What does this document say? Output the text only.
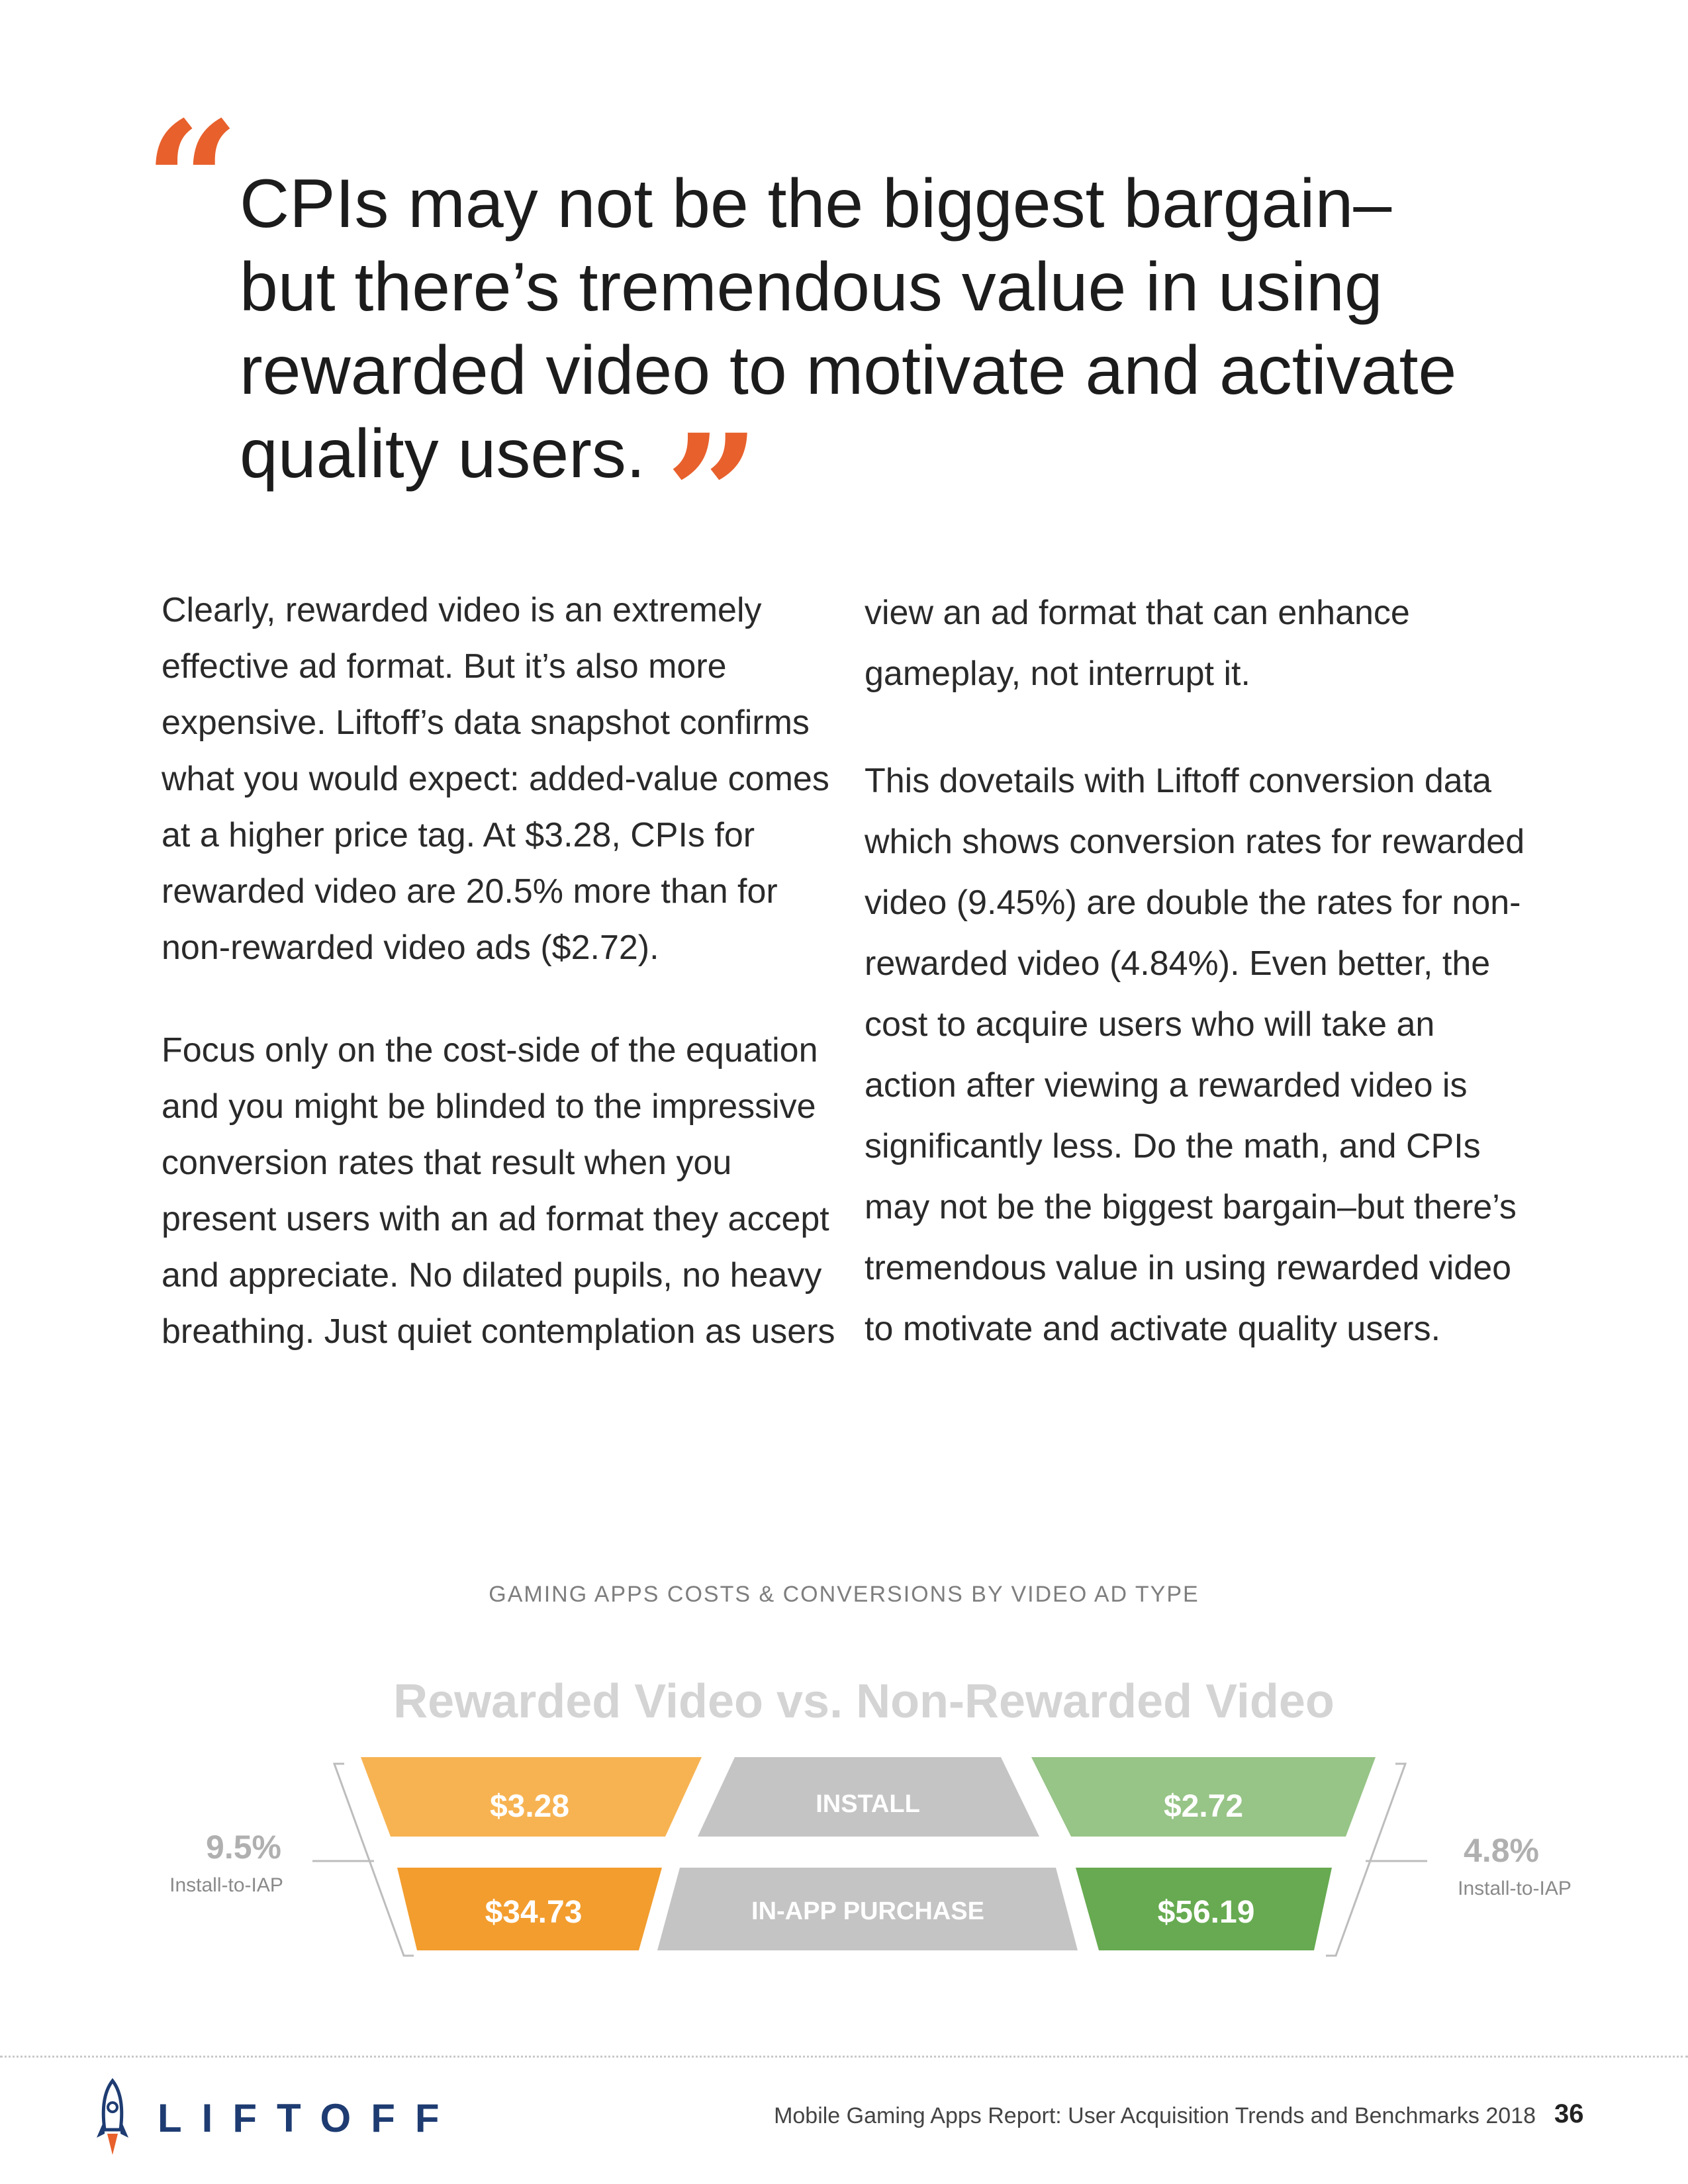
“ CPIs may not be the biggest bargain–
but there’s tremendous value in using
rewarded video to motivate and activate
quality users. ”

Clearly, rewarded video is an extremely effective ad format. But it’s also more expensive. Liftoff’s data snapshot confirms what you would expect: added-value comes at a higher price tag. At $3.28, CPIs for rewarded video are 20.5% more than for non-rewarded video ads ($2.72).

Focus only on the cost-side of the equation and you might be blinded to the impressive conversion rates that result when you present users with an ad format they accept and appreciate. No dilated pupils, no heavy breathing. Just quiet contemplation as users

view an ad format that can enhance gameplay, not interrupt it.

This dovetails with Liftoff conversion data which shows conversion rates for rewarded video (9.45%) are double the rates for non-rewarded video (4.84%). Even better, the cost to acquire users who will take an action after viewing a rewarded video is significantly less. Do the math, and CPIs may not be the biggest bargain–but there’s tremendous value in using rewarded video to motivate and activate quality users.

GAMING APPS COSTS & CONVERSIONS BY VIDEO AD TYPE
Rewarded Video vs. Non-Rewarded Video
$3.28	INSTALL	$2.72
$34.73	IN-APP PURCHASE	$56.19
9.5%
Install-to-IAP
4.8%
Install-to-IAP
LIFTOFF	Mobile Gaming Apps Report: User Acquisition Trends and Benchmarks 2018 36
